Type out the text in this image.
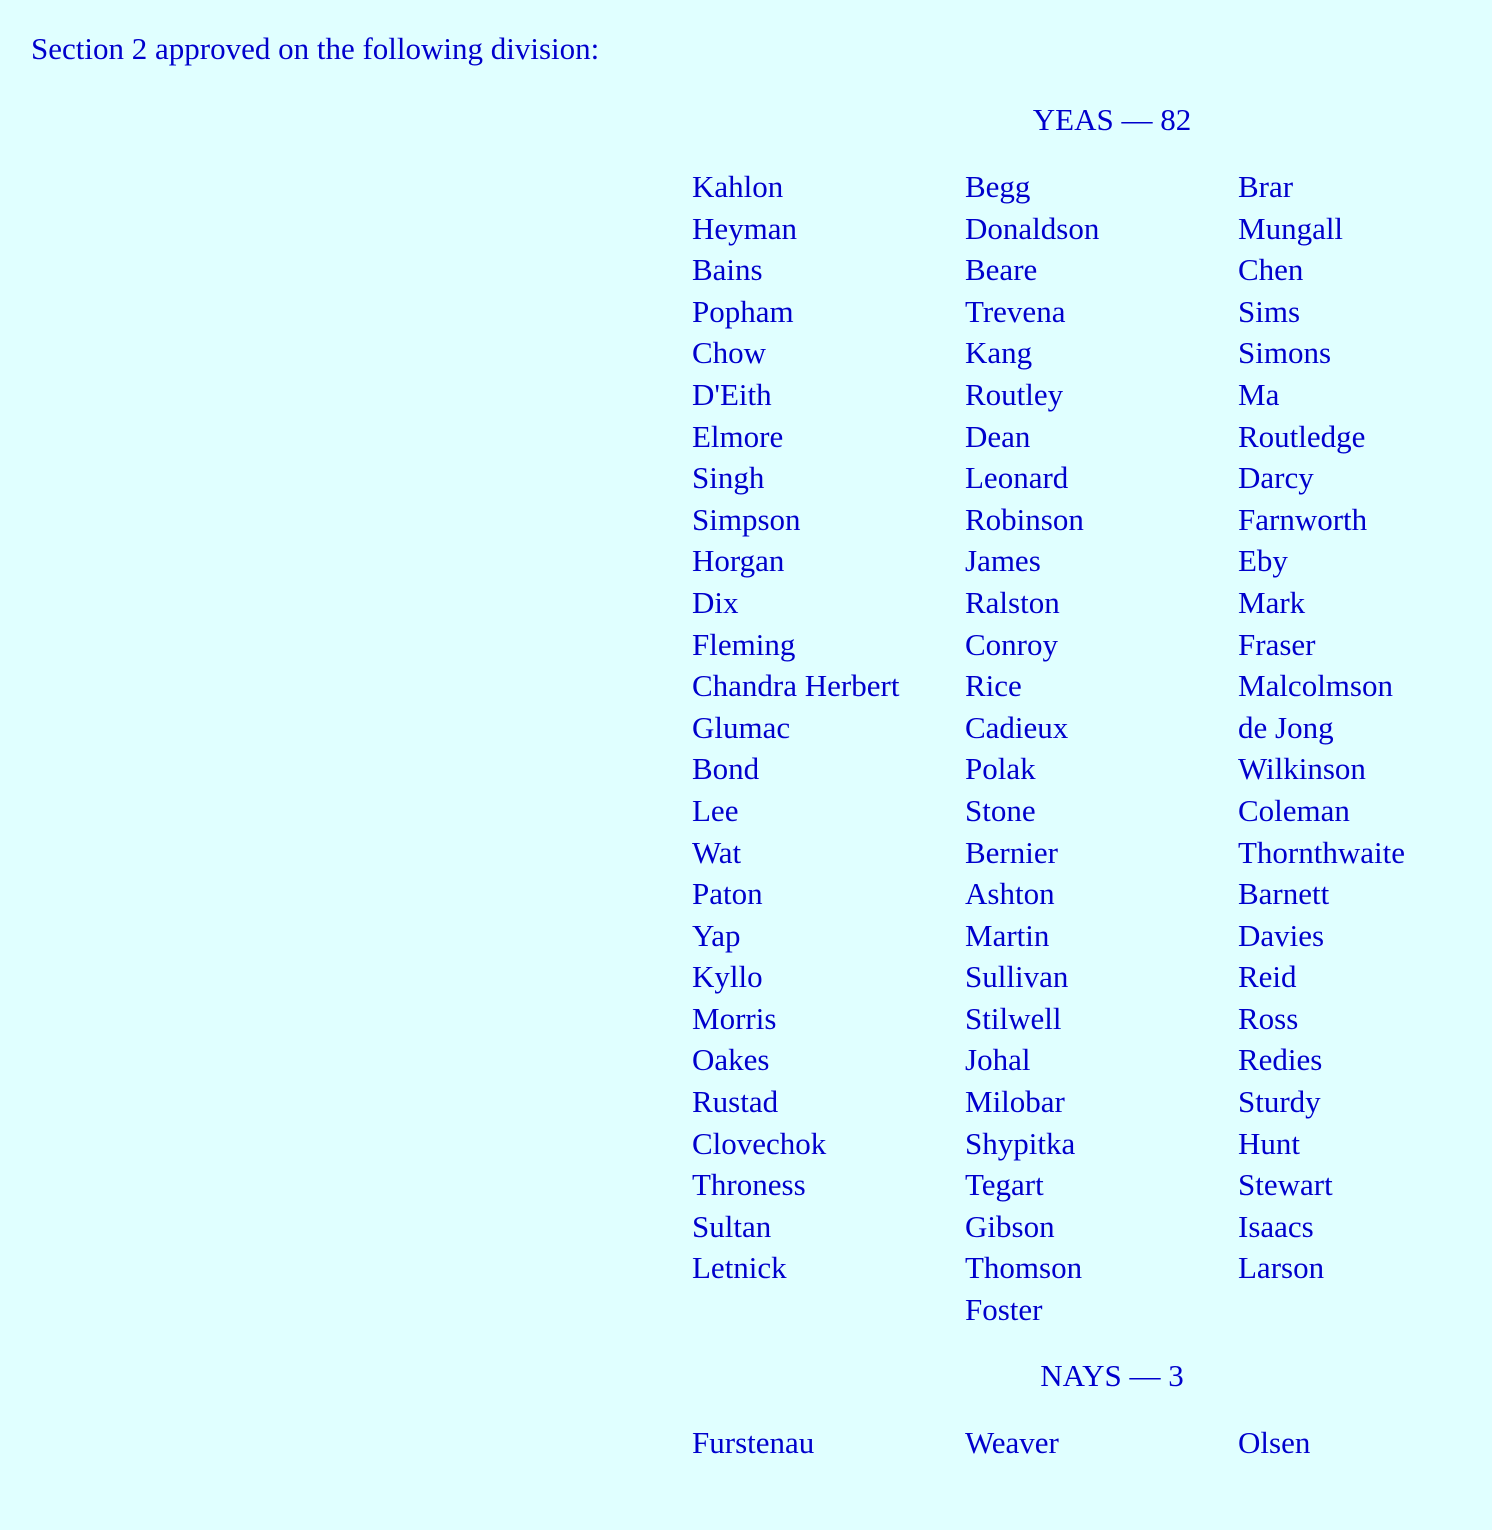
Section 2 approved on the following division:

YEAS — 82
Kahlon
Heyman
Bains
Popham
Chow
D'Eith
Elmore
Singh
Simpson
Horgan
Dix
Fleming
Chandra Herbert
Glumac
Bond
Lee
Wat
Paton
Yap
Kyllo
Morris
Oakes
Rustad
Clovechok
Throness
Sultan
Letnick
Begg
Donaldson
Beare
Trevena
Kang
Routley
Dean
Leonard
Robinson
James
Ralston
Conroy
Rice
Cadieux
Polak
Stone
Bernier
Ashton
Martin
Sullivan
Stilwell
Johal
Milobar
Shypitka
Tegart
Gibson
Thomson
Foster
Brar
Mungall
Chen
Sims
Simons
Ma
Routledge
Darcy
Farnworth
Eby
Mark
Fraser
Malcolmson
de Jong
Wilkinson
Coleman
Thornthwaite
Barnett
Davies
Reid
Ross
Redies
Sturdy
Hunt
Stewart
Isaacs
Larson
NAYS — 3
Furstenau	Weaver	Olsen
